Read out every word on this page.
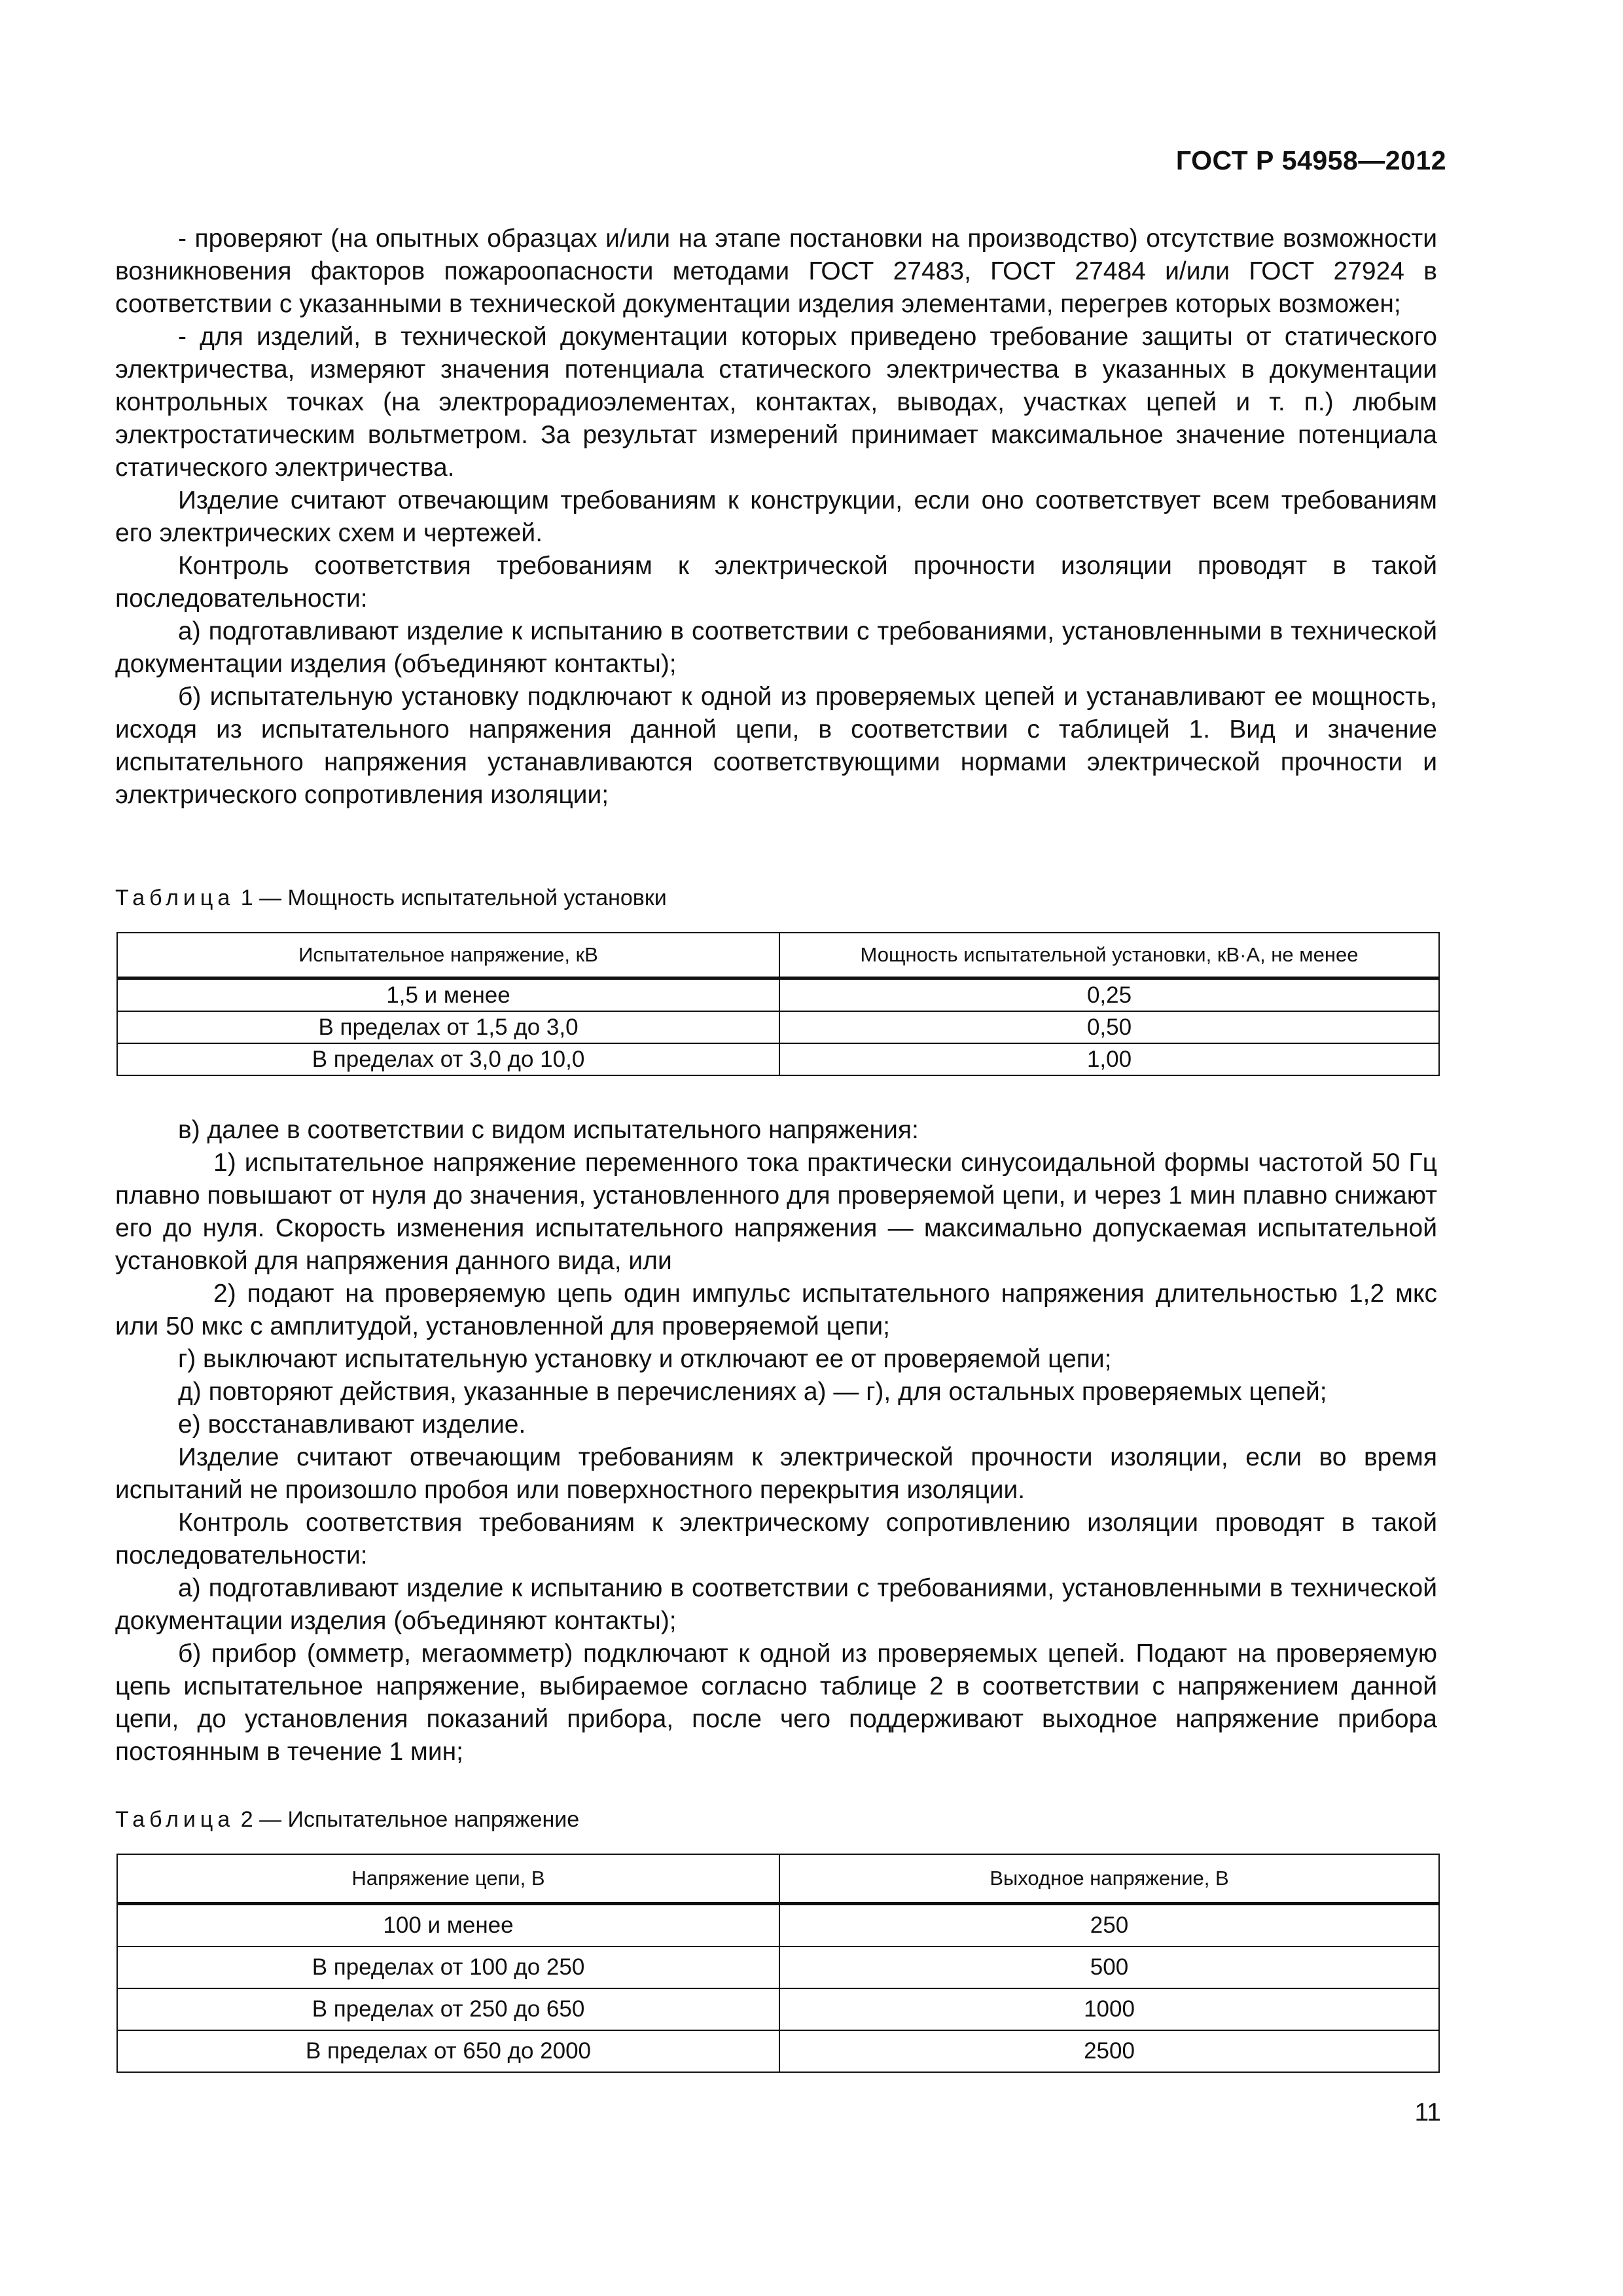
ГОСТ Р 54958—2012

- проверяют (на опытных образцах и/или на этапе постановки на производство) отсутствие возможности возникновения факторов пожароопасности методами ГОСТ 27483, ГОСТ 27484 и/или ГОСТ 27924 в соответствии с указанными в технической документации изделия элементами, перегрев которых возможен;

- для изделий, в технической документации которых приведено требование защиты от статического электричества, измеряют значения потенциала статического электричества в указанных в документации контрольных точках (на электрорадиоэлементах, контактах, выводах, участках цепей и т. п.) любым электростатическим вольтметром. За результат измерений принимает максимальное значение потенциала статического электричества.

Изделие считают отвечающим требованиям к конструкции, если оно соответствует всем требованиям его электрических схем и чертежей.

Контроль соответствия требованиям к электрической прочности изоляции проводят в такой последовательности:

а) подготавливают изделие к испытанию в соответствии с требованиями, установленными в технической документации изделия (объединяют контакты);

б) испытательную установку подключают к одной из проверяемых цепей и устанавливают ее мощность, исходя из испытательного напряжения данной цепи, в соответствии с таблицей 1. Вид и значение испытательного напряжения устанавливаются соответствующими нормами электрической прочности и электрического сопротивления изоляции;

Таблица 1 — Мощность испытательной установки
Испытательное напряжение, кВ	Мощность испытательной установки, кВ·А, не менее
1,5 и менее	0,25
В пределах от 1,5 до 3,0	0,50
В пределах от 3,0 до 10,0	1,00

в) далее в соответствии с видом испытательного напряжения:

1) испытательное напряжение переменного тока практически синусоидальной формы частотой 50 Гц плавно повышают от нуля до значения, установленного для проверяемой цепи, и через 1 мин плавно снижают его до нуля. Скорость изменения испытательного напряжения — максимально допускаемая испытательной установкой для напряжения данного вида, или

2) подают на проверяемую цепь один импульс испытательного напряжения длительностью 1,2 мкс или 50 мкс с амплитудой, установленной для проверяемой цепи;

г) выключают испытательную установку и отключают ее от проверяемой цепи;

д) повторяют действия, указанные в перечислениях а) — г), для остальных проверяемых цепей;

е) восстанавливают изделие.

Изделие считают отвечающим требованиям к электрической прочности изоляции, если во время испытаний не произошло пробоя или поверхностного перекрытия изоляции.

Контроль соответствия требованиям к электрическому сопротивлению изоляции проводят в такой последовательности:

а) подготавливают изделие к испытанию в соответствии с требованиями, установленными в технической документации изделия (объединяют контакты);

б) прибор (омметр, мегаомметр) подключают к одной из проверяемых цепей. Подают на проверяемую цепь испытательное напряжение, выбираемое согласно таблице 2 в соответствии с напряжением данной цепи, до установления показаний прибора, после чего поддерживают выходное напряжение прибора постоянным в течение 1 мин;

Таблица 2 — Испытательное напряжение
Напряжение цепи, В	Выходное напряжение, В
100 и менее	250
В пределах от 100 до 250	500
В пределах от 250 до 650	1000
В пределах от 650 до 2000	2500
11
